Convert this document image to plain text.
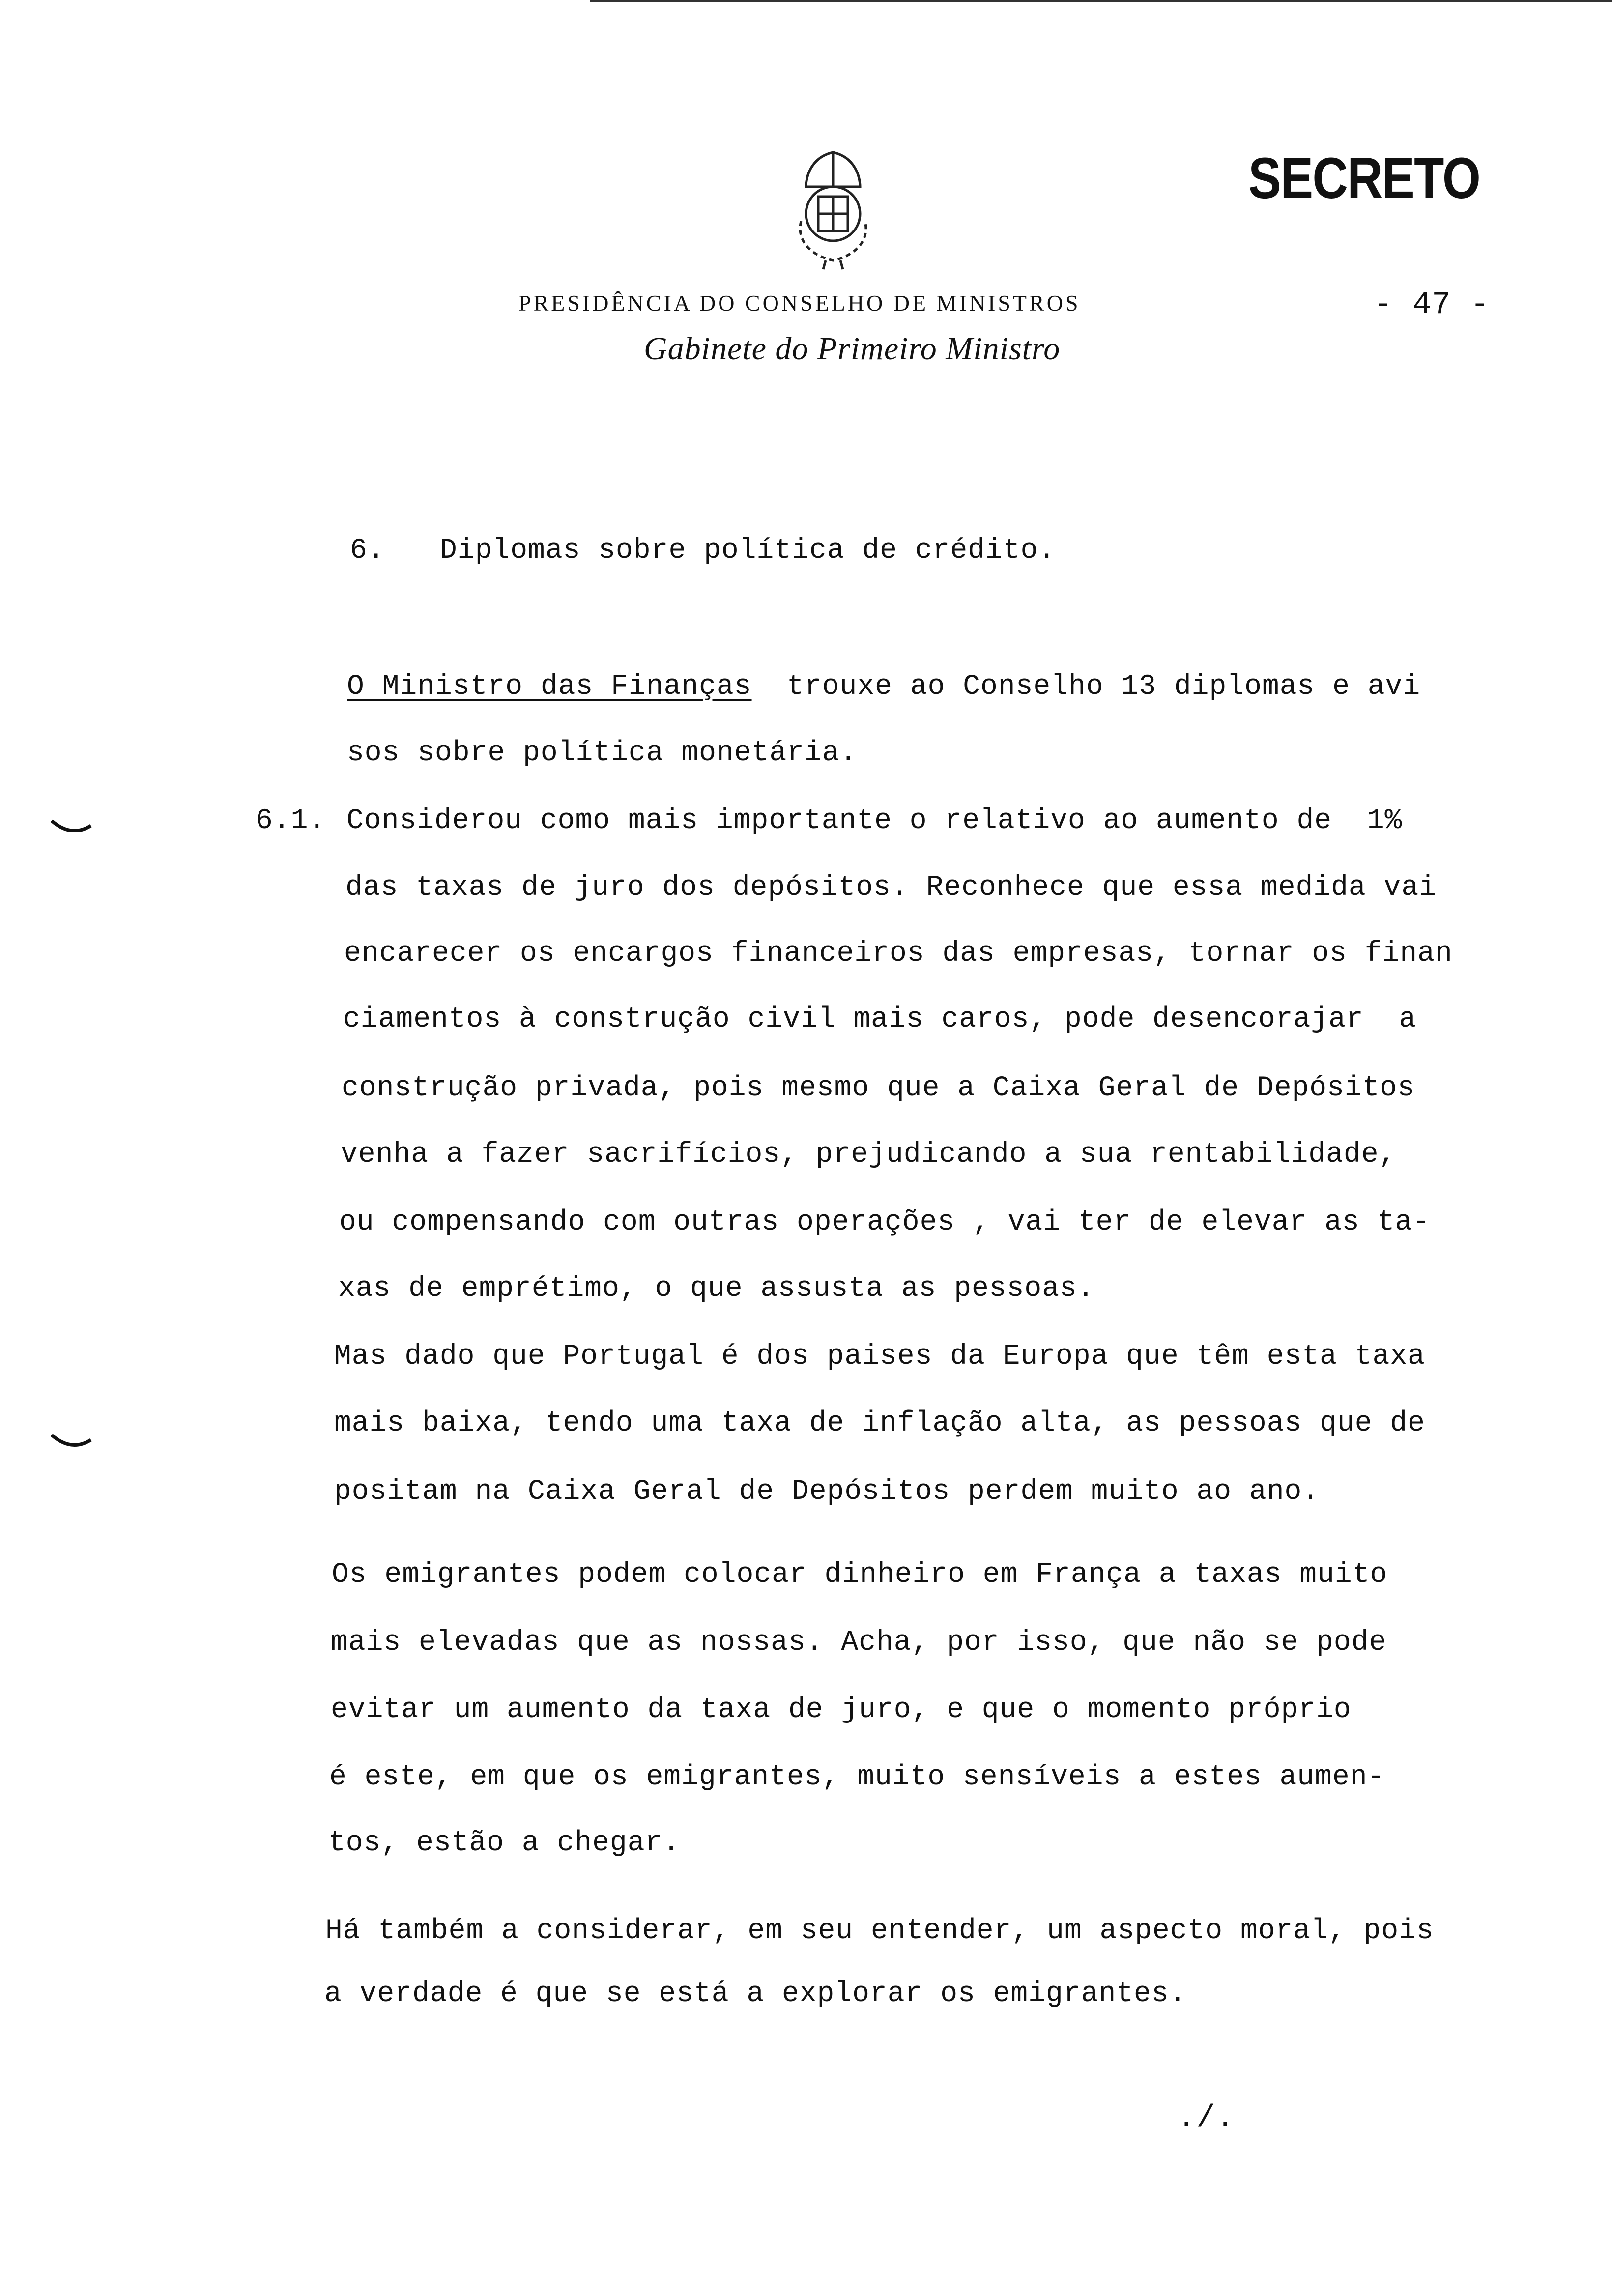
SECRETO
PRESIDÊNCIA DO CONSELHO DE MINISTROS	- 47 -
Gabinete do Primeiro Ministro
6. Diplomas sobre política de crédito.
O Ministro das Finanças  trouxe ao Conselho 13 diplomas e avi
sos sobre política monetária.
6.1. Considerou como mais importante o relativo ao aumento de  1%
das taxas de juro dos depósitos. Reconhece que essa medida vai
encarecer os encargos financeiros das empresas, tornar os finan
ciamentos à construção civil mais caros, pode desencorajar  a
construção privada, pois mesmo que a Caixa Geral de Depósitos
venha a fazer sacrifícios, prejudicando a sua rentabilidade,
ou compensando com outras operações , vai ter de elevar as ta-
xas de emprétimo, o que assusta as pessoas.
Mas dado que Portugal é dos paises da Europa que têm esta taxa
mais baixa, tendo uma taxa de inflação alta, as pessoas que de
positam na Caixa Geral de Depósitos perdem muito ao ano.
Os emigrantes podem colocar dinheiro em França a taxas muito
mais elevadas que as nossas. Acha, por isso, que não se pode
evitar um aumento da taxa de juro, e que o momento próprio
é este, em que os emigrantes, muito sensíveis a estes aumen-
tos, estão a chegar.
Há também a considerar, em seu entender, um aspecto moral, pois
a verdade é que se está a explorar os emigrantes.
./.
